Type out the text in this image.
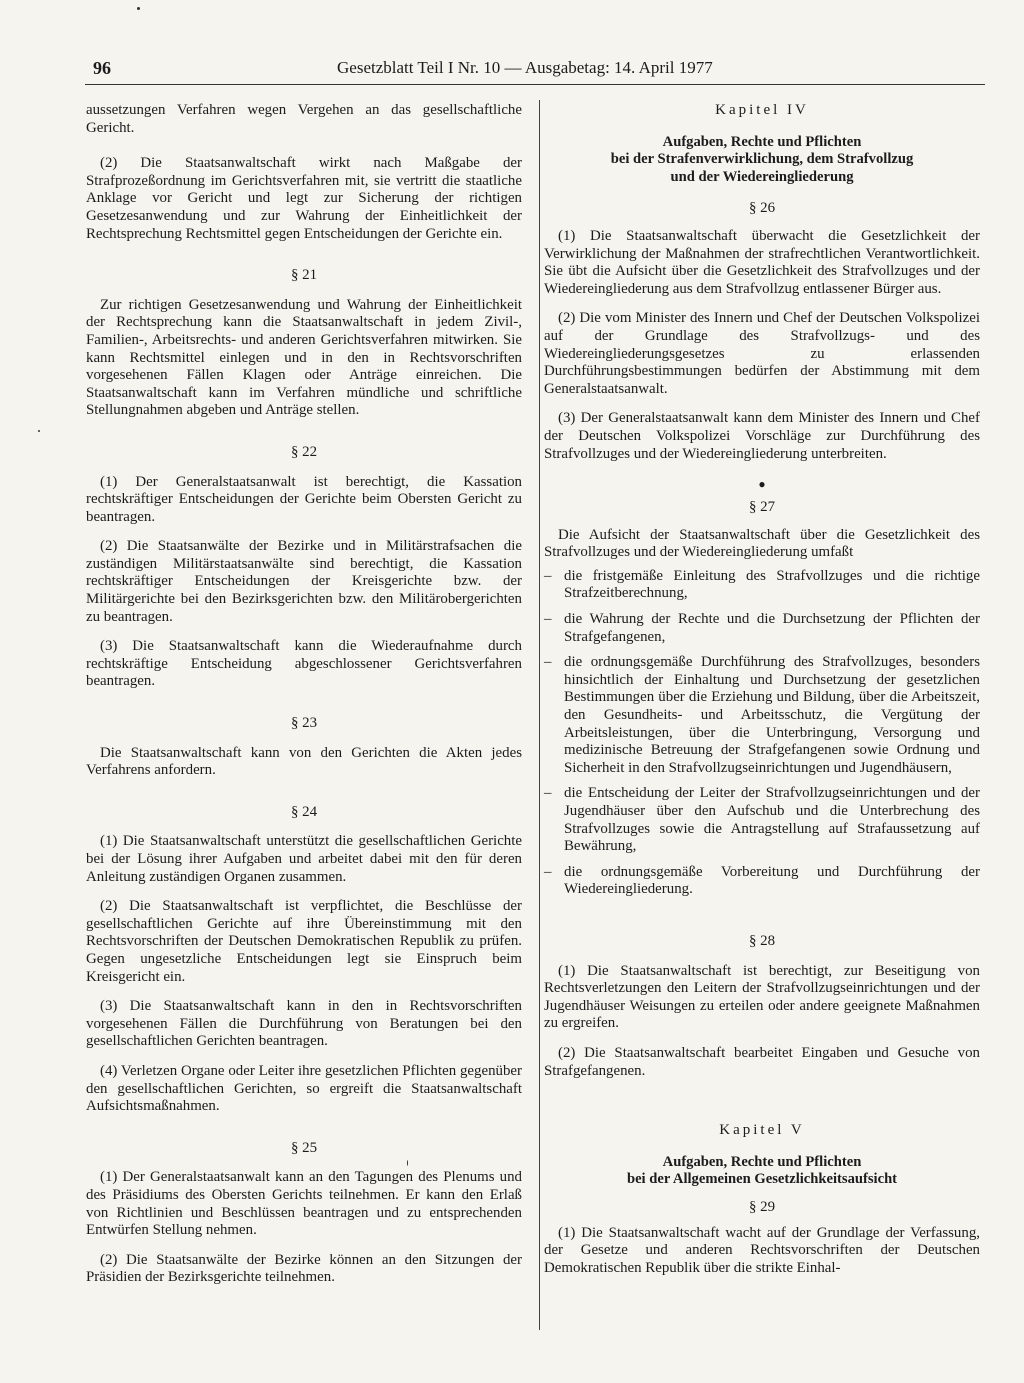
96	Gesetzblatt Teil I Nr. 10 — Ausgabetag: 14. April 1977

aussetzungen Verfahren wegen Vergehen an das gesellschaftliche Gericht.

(2) Die Staatsanwaltschaft wirkt nach Maßgabe der Strafprozeßordnung im Gerichtsverfahren mit, sie vertritt die staatliche Anklage vor Gericht und legt zur Sicherung der richtigen Gesetzesanwendung und zur Wahrung der Einheitlichkeit der Rechtsprechung Rechtsmittel gegen Entscheidungen der Gerichte ein.

§ 21

Zur richtigen Gesetzesanwendung und Wahrung der Einheitlichkeit der Rechtsprechung kann die Staatsanwaltschaft in jedem Zivil-, Familien-, Arbeitsrechts- und anderen Gerichtsverfahren mitwirken. Sie kann Rechtsmittel einlegen und in den in Rechtsvorschriften vorgesehenen Fällen Klagen oder Anträge einreichen. Die Staatsanwaltschaft kann im Verfahren mündliche und schriftliche Stellungnahmen abgeben und Anträge stellen.

§ 22

(1) Der Generalstaatsanwalt ist berechtigt, die Kassation rechtskräftiger Entscheidungen der Gerichte beim Obersten Gericht zu beantragen.

(2) Die Staatsanwälte der Bezirke und in Militärstrafsachen die zuständigen Militärstaatsanwälte sind berechtigt, die Kassation rechtskräftiger Entscheidungen der Kreisgerichte bzw. der Militärgerichte bei den Bezirksgerichten bzw. den Militärobergerichten zu beantragen.

(3) Die Staatsanwaltschaft kann die Wiederaufnahme durch rechtskräftige Entscheidung abgeschlossener Gerichtsverfahren beantragen.

§ 23

Die Staatsanwaltschaft kann von den Gerichten die Akten jedes Verfahrens anfordern.

§ 24

(1) Die Staatsanwaltschaft unterstützt die gesellschaftlichen Gerichte bei der Lösung ihrer Aufgaben und arbeitet dabei mit den für deren Anleitung zuständigen Organen zusammen.

(2) Die Staatsanwaltschaft ist verpflichtet, die Beschlüsse der gesellschaftlichen Gerichte auf ihre Übereinstimmung mit den Rechtsvorschriften der Deutschen Demokratischen Republik zu prüfen. Gegen ungesetzliche Entscheidungen legt sie Einspruch beim Kreisgericht ein.

(3) Die Staatsanwaltschaft kann in den in Rechtsvorschriften vorgesehenen Fällen die Durchführung von Beratungen bei den gesellschaftlichen Gerichten beantragen.

(4) Verletzen Organe oder Leiter ihre gesetzlichen Pflichten gegenüber den gesellschaftlichen Gerichten, so ergreift die Staatsanwaltschaft Aufsichtsmaßnahmen.

§ 25

(1) Der Generalstaatsanwalt kann an den Tagungen des Plenums und des Präsidiums des Obersten Gerichts teilnehmen. Er kann den Erlaß von Richtlinien und Beschlüssen beantragen und zu entsprechenden Entwürfen Stellung nehmen.

(2) Die Staatsanwälte der Bezirke können an den Sitzungen der Präsidien der Bezirksgerichte teilnehmen.

Kapitel IV

Aufgaben, Rechte und Pflichten

bei der Strafenverwirklichung, dem Strafvollzug

und der Wiedereingliederung

§ 26

(1) Die Staatsanwaltschaft überwacht die Gesetzlichkeit der Verwirklichung der Maßnahmen der strafrechtlichen Verantwortlichkeit. Sie übt die Aufsicht über die Gesetzlichkeit des Strafvollzuges und der Wiedereingliederung aus dem Strafvollzug entlassener Bürger aus.

(2) Die vom Minister des Innern und Chef der Deutschen Volkspolizei auf der Grundlage des Strafvollzugs- und des Wiedereingliederungsgesetzes zu erlassenden Durchführungsbestimmungen bedürfen der Abstimmung mit dem Generalstaatsanwalt.

(3) Der Generalstaatsanwalt kann dem Minister des Innern und Chef der Deutschen Volkspolizei Vorschläge zur Durchführung des Strafvollzuges und der Wiedereingliederung unterbreiten.

●

§ 27

Die Aufsicht der Staatsanwaltschaft über die Gesetzlichkeit des Strafvollzuges und der Wiedereingliederung umfaßt

– die fristgemäße Einleitung des Strafvollzuges und die richtige Strafzeitberechnung,

– die Wahrung der Rechte und die Durchsetzung der Pflichten der Strafgefangenen,

– die ordnungsgemäße Durchführung des Strafvollzuges, besonders hinsichtlich der Einhaltung und Durchsetzung der gesetzlichen Bestimmungen über die Erziehung und Bildung, über die Arbeitszeit, den Gesundheits- und Arbeitsschutz, die Vergütung der Arbeitsleistungen, über die Unterbringung, Versorgung und medizinische Betreuung der Strafgefangenen sowie Ordnung und Sicherheit in den Strafvollzugseinrichtungen und Jugendhäusern,

– die Entscheidung der Leiter der Strafvollzugseinrichtungen und der Jugendhäuser über den Aufschub und die Unterbrechung des Strafvollzuges sowie die Antragstellung auf Strafaussetzung auf Bewährung,

– die ordnungsgemäße Vorbereitung und Durchführung der Wiedereingliederung.

§ 28

(1) Die Staatsanwaltschaft ist berechtigt, zur Beseitigung von Rechtsverletzungen den Leitern der Strafvollzugseinrichtungen und der Jugendhäuser Weisungen zu erteilen oder andere geeignete Maßnahmen zu ergreifen.

(2) Die Staatsanwaltschaft bearbeitet Eingaben und Gesuche von Strafgefangenen.

Kapitel V

Aufgaben, Rechte und Pflichten

bei der Allgemeinen Gesetzlichkeitsaufsicht

§ 29

(1) Die Staatsanwaltschaft wacht auf der Grundlage der Verfassung, der Gesetze und anderen Rechtsvorschriften der Deutschen Demokratischen Republik über die strikte Einhal-
